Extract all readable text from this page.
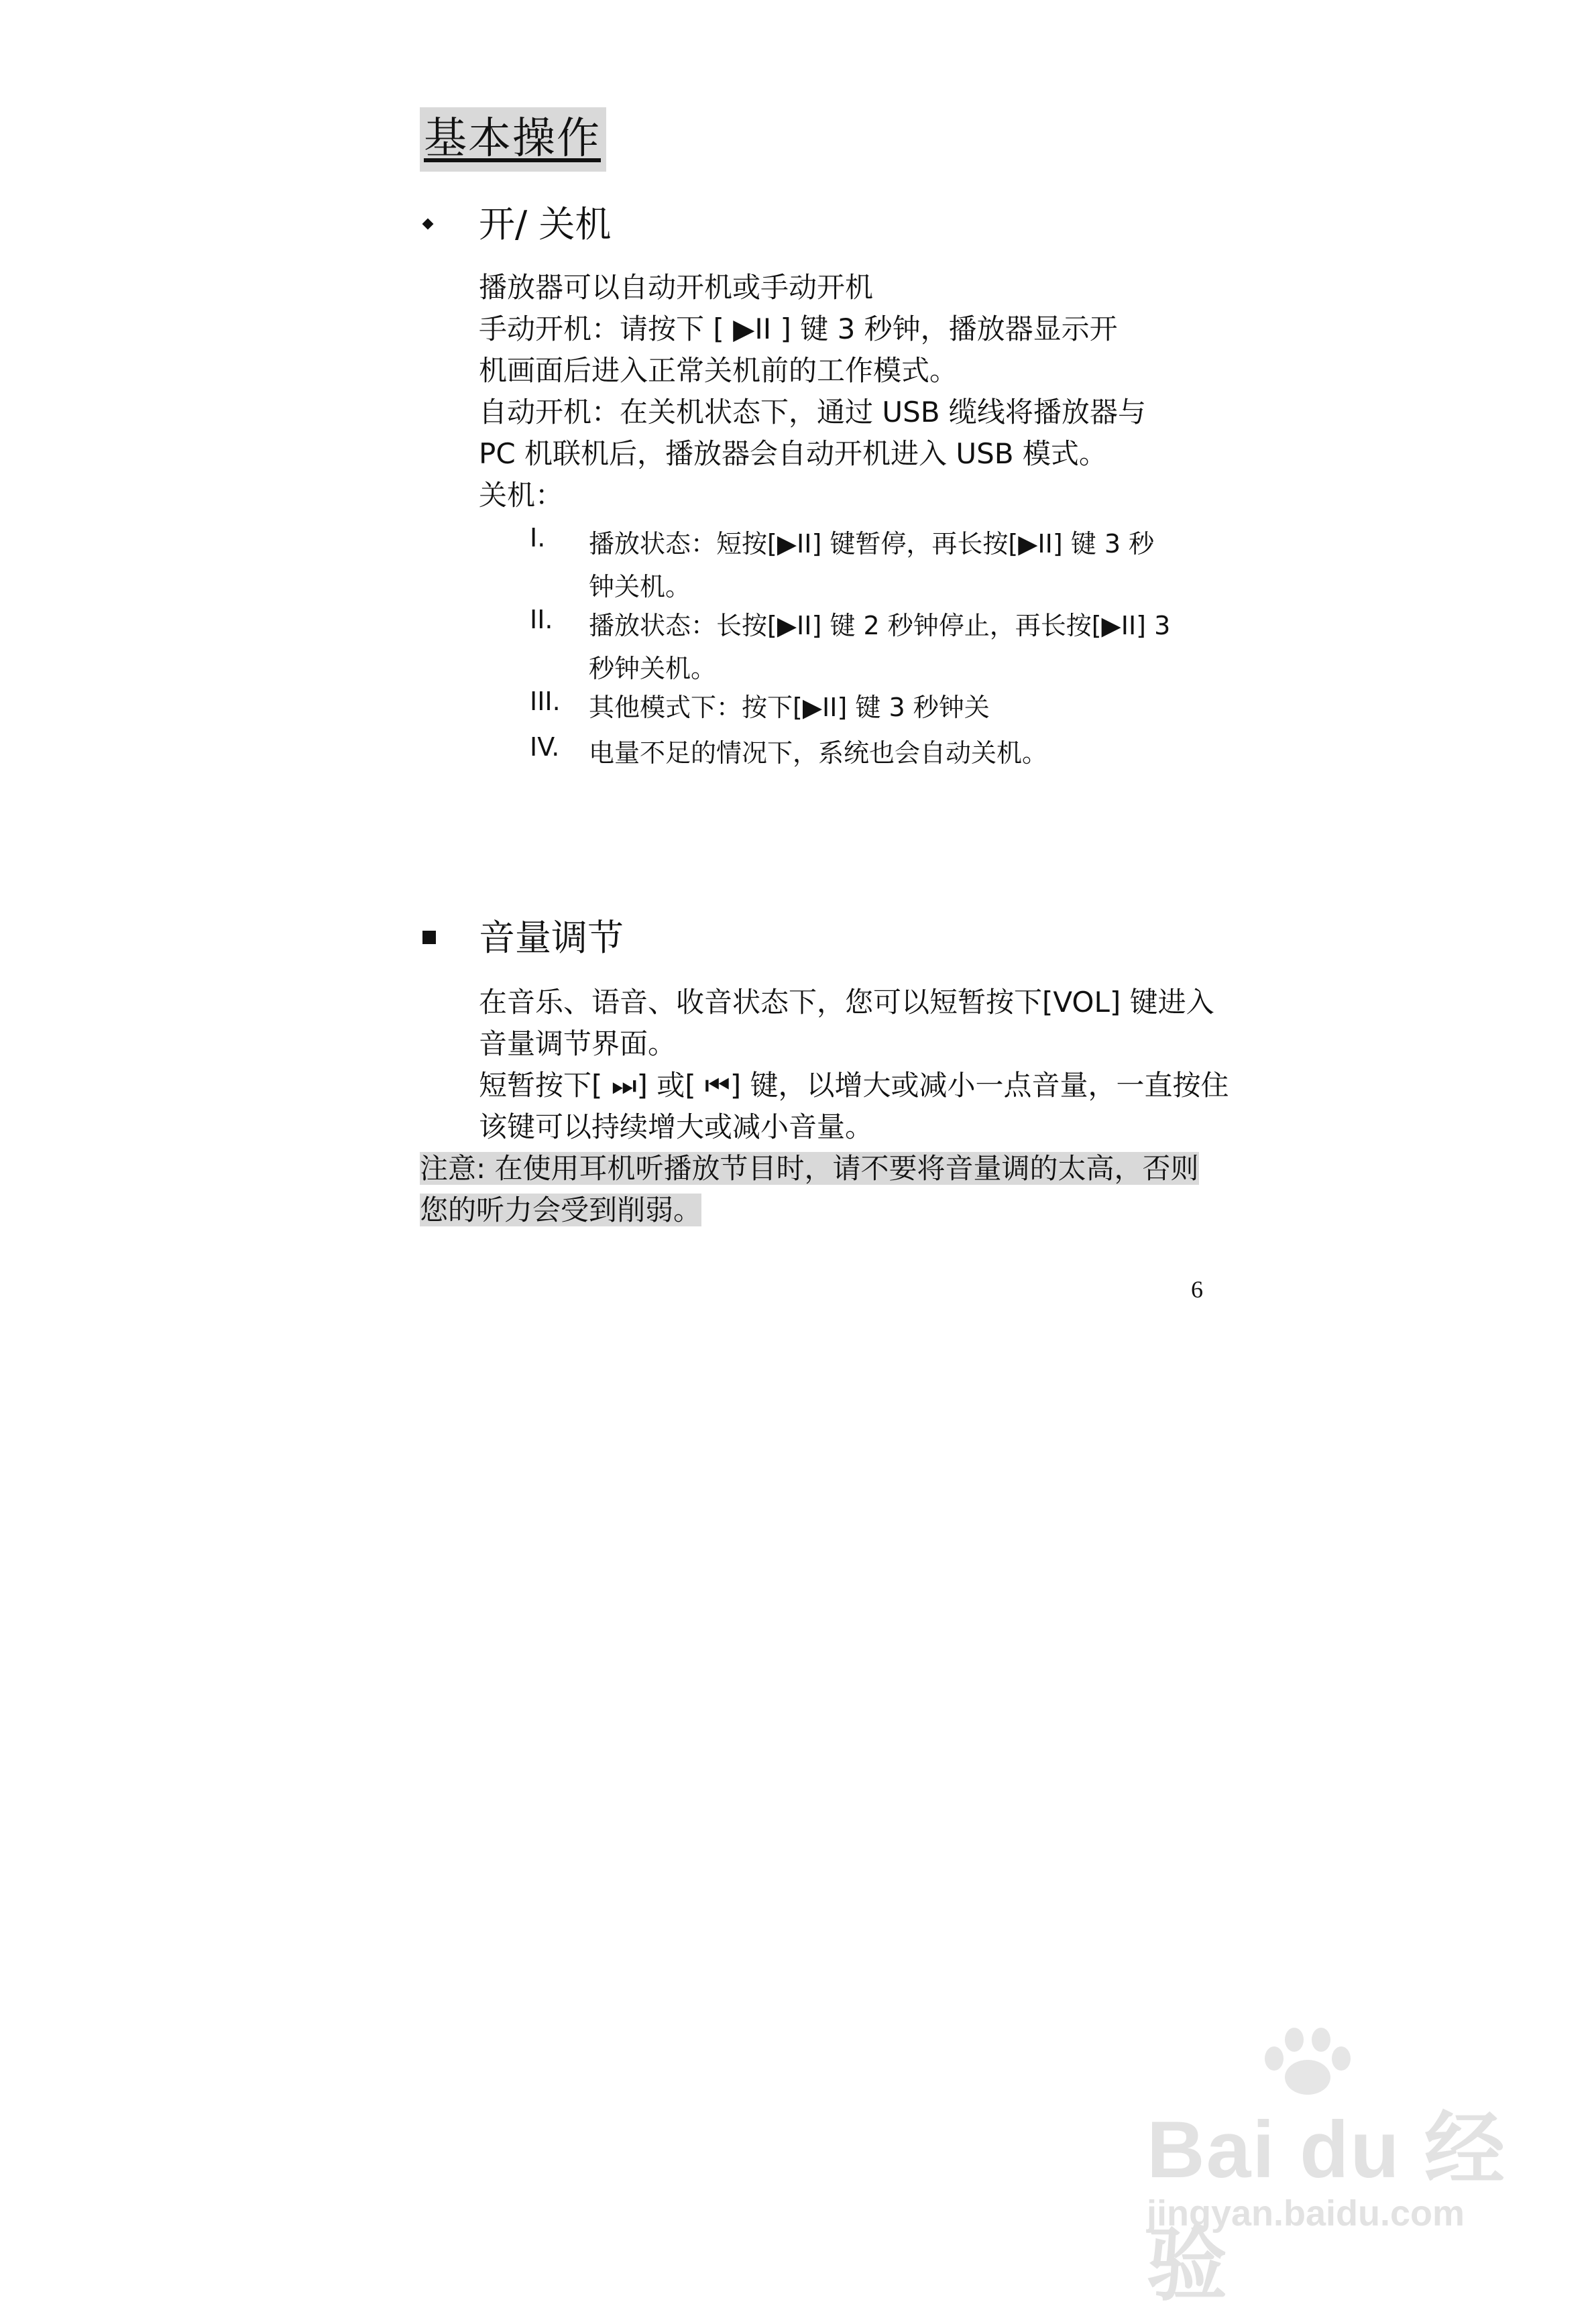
基本操作
开/ 关机
播放器可以自动开机或手动开机
手动开机：请按下 [ ▶II ] 键 3 秒钟，播放器显示开
机画面后进入正常关机前的工作模式。
自动开机：在关机状态下，通过 USB 缆线将播放器与
PC 机联机后，播放器会自动开机进入 USB 模式。
关机：
I. 播放状态：短按[▶II] 键暂停，再长按[▶II] 键 3 秒
钟关机。
II. 播放状态：长按[▶II] 键 2 秒钟停止，再长按[▶II] 3
秒钟关机。
III. 其他模式下：按下[▶II] 键 3 秒钟关
IV. 电量不足的情况下，系统也会自动关机。
音量调节
在音乐、语音、收音状态下，您可以短暂按下[VOL] 键进入
音量调节界面。
短暂按下[ ⏭] 或[ ⏮] 键，以增大或减小一点音量，一直按住
该键可以持续增大或减小音量。
注意: 在使用耳机听播放节目时，请不要将音量调的太高，否则
您的听力会受到削弱。
6
Bai du 经验
jingyan.baidu.com
